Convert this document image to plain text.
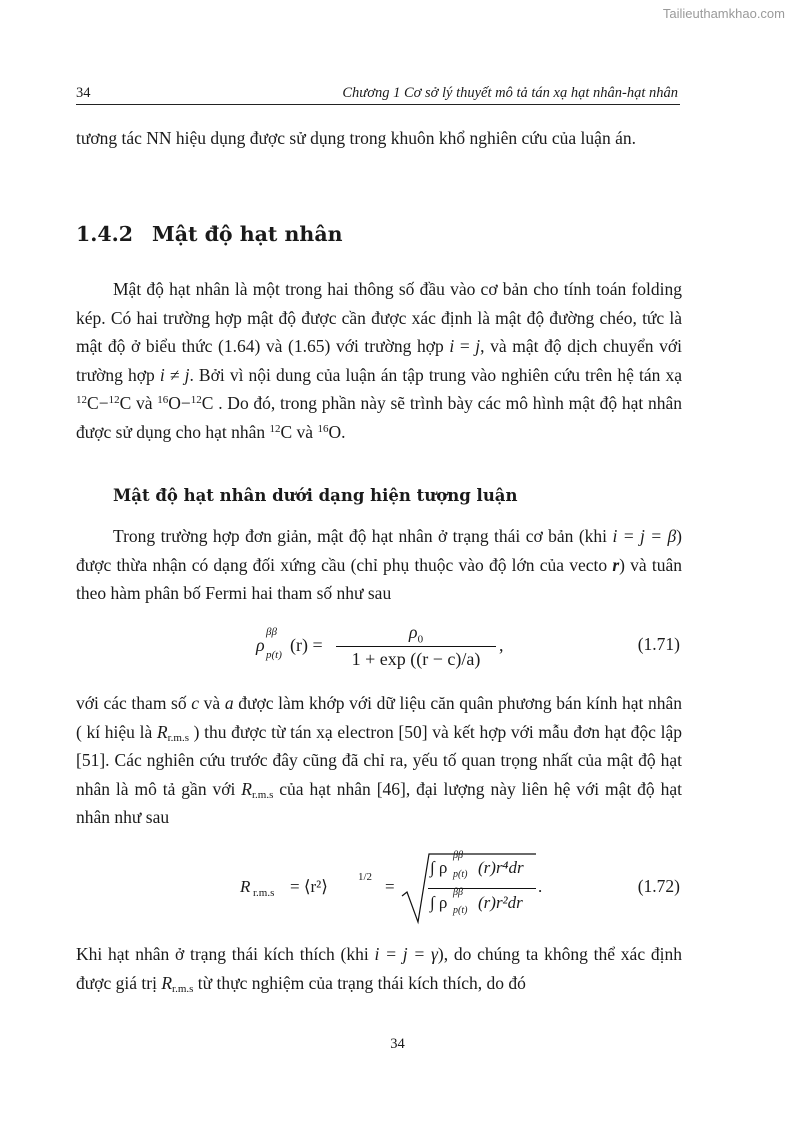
Tailieuthamkhao.com
34	Chương 1 Cơ sở lý thuyết mô tả tán xạ hạt nhân-hạt nhân

tương tác NN hiệu dụng được sử dụng trong khuôn khổ nghiên cứu của luận án.

1.4.2 Mật độ hạt nhân

Mật độ hạt nhân là một trong hai thông số đầu vào cơ bản cho tính toán folding kép. Có hai trường hợp mật độ được cần được xác định là mật độ đường chéo, tức là mật độ ở biểu thức (1.64) và (1.65) với trường hợp i = j, và mật độ dịch chuyển với trường hợp i ≠ j. Bởi vì nội dung của luận án tập trung vào nghiên cứu trên hệ tán xạ $^{12}$C−$^{12}$C và $^{16}$O−$^{12}$C . Do đó, trong phần này sẽ trình bày các mô hình mật độ hạt nhân được sử dụng cho hạt nhân $^{12}$C và $^{16}$O.

Mật độ hạt nhân dưới dạng hiện tượng luận

Trong trường hợp đơn giản, mật độ hạt nhân ở trạng thái cơ bản (khi i = j = β) được thừa nhận có dạng đối xứng cầu (chỉ phụ thuộc vào độ lớn của vecto r) và tuân theo hàm phân bố Fermi hai tham số như sau

ρ
ββ
p(t) (r) =
$\rho_0$
1 + exp ((r − c)/a)
,	(1.71)

với các tham số c và a được làm khớp với dữ liệu căn quân phương bán kính hạt nhân ( kí hiệu là $R_{r.m.s}$ ) thu được từ tán xạ electron [50] và kết hợp với mẫu đơn hạt độc lập [51]. Các nghiên cứu trước đây cũng đã chỉ ra, yếu tố quan trọng nhất của mật độ hạt nhân là mô tả gần với $R_{r.m.s}$ của hạt nhân [46], đại lượng này liên hệ với mật độ hạt nhân như sau

R r.m.s = ⟨r²⟩	1/2 =
∫ ρ
ββ
p(t) (r)r⁴dr
∫ ρ
ββ
p(t) (r)r²dr
.	(1.72)

Khi hạt nhân ở trạng thái kích thích (khi i = j = γ), do chúng ta không thể xác định được giá trị $R_{r.m.s}$ từ thực nghiệm của trạng thái kích thích, do đó

34
